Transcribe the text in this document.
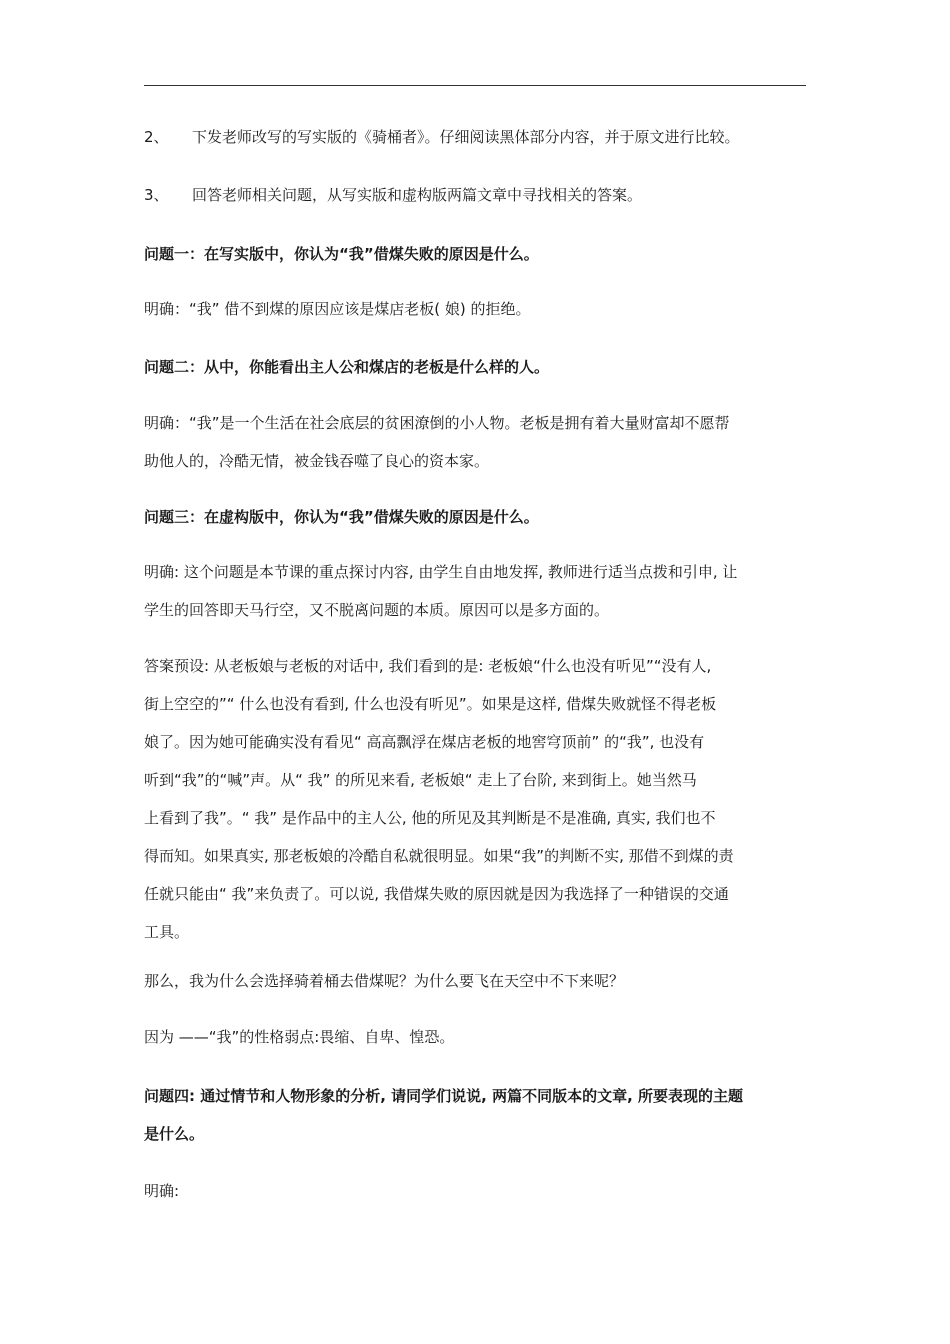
2、 下发老师改写的写实版的《骑桶者》。仔细阅读黑体部分内容，并于原文进行比较。
3、 回答老师相关问题，从写实版和虚构版两篇文章中寻找相关的答案。
问题一：在写实版中，你认为“我”借煤失败的原因是什么。
明确：“我” 借不到煤的原因应该是煤店老板( 娘) 的拒绝。
问题二：从中，你能看出主人公和煤店的老板是什么样的人。
明确：“我”是一个生活在社会底层的贫困潦倒的小人物。老板是拥有着大量财富却不愿帮
助他人的，冷酷无情，被金钱吞噬了良心的资本家。
问题三：在虚构版中，你认为“我”借煤失败的原因是什么。
明确: 这个问题是本节课的重点探讨内容, 由学生自由地发挥, 教师进行适当点拨和引申, 让
学生的回答即天马行空，又不脱离问题的本质。原因可以是多方面的。
答案预设: 从老板娘与老板的对话中, 我们看到的是: 老板娘“什么也没有听见”“没有人,
街上空空的”“ 什么也没有看到, 什么也没有听见”。如果是这样, 借煤失败就怪不得老板
娘了。因为她可能确实没有看见“ 高高飘浮在煤店老板的地窖穹顶前” 的“我”, 也没有
听到“我”的“喊”声。从“ 我” 的所见来看, 老板娘“ 走上了台阶, 来到街上。她当然马
上看到了我”。“ 我” 是作品中的主人公, 他的所见及其判断是不是准确, 真实, 我们也不
得而知。如果真实, 那老板娘的冷酷自私就很明显。如果“我”的判断不实, 那借不到煤的责
任就只能由“ 我”来负责了。可以说, 我借煤失败的原因就是因为我选择了一种错误的交通
工具。
那么，我为什么会选择骑着桶去借煤呢？为什么要飞在天空中不下来呢？
因为 ——“我”的性格弱点:畏缩、自卑、惶恐。
问题四: 通过情节和人物形象的分析, 请同学们说说, 两篇不同版本的文章, 所要表现的主题
是什么。
明确:
